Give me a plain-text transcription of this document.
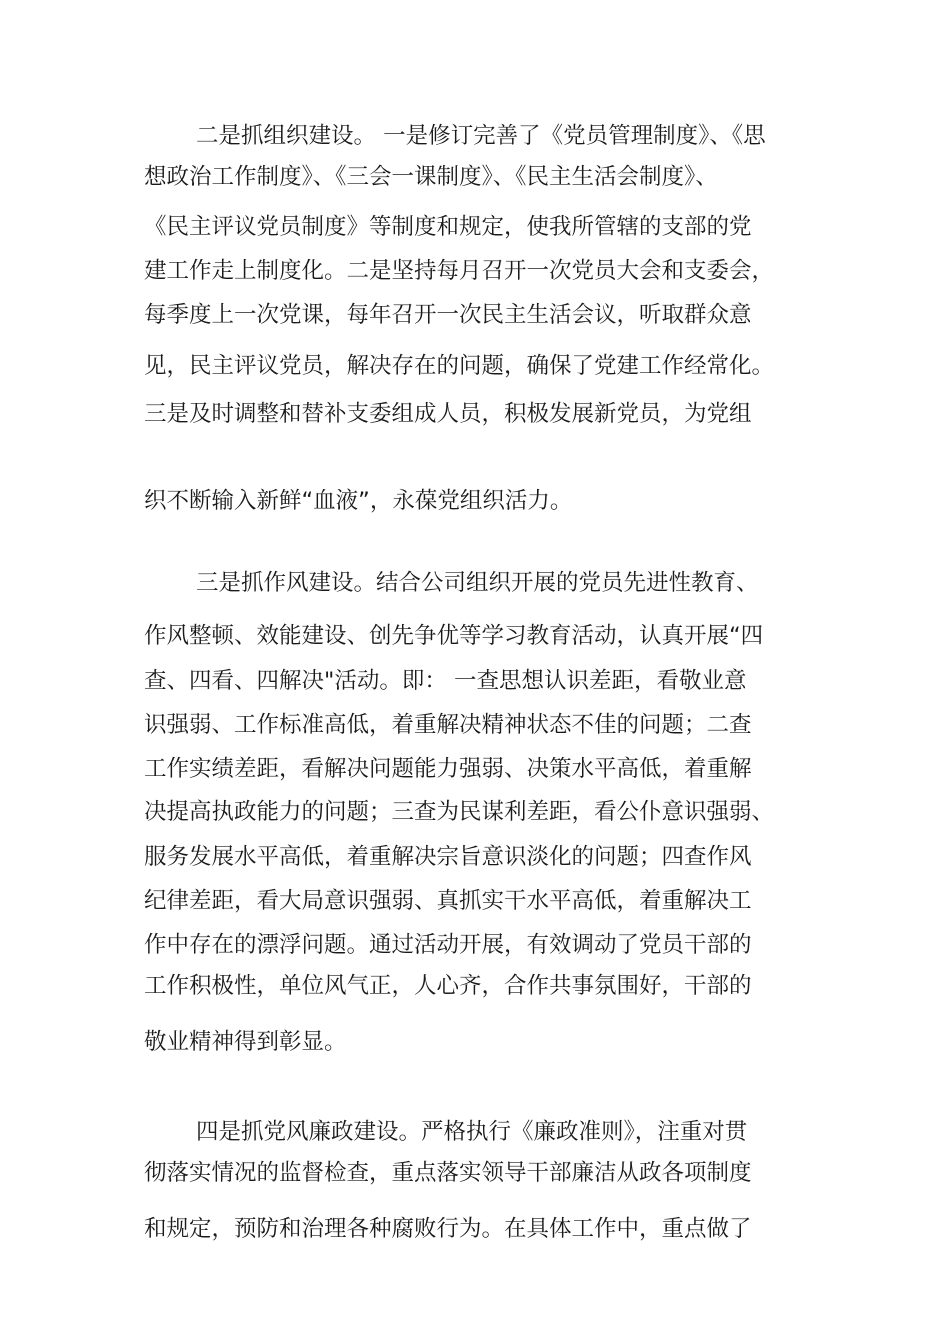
二是抓组织建设。 一是修订完善了《党员管理制度》、《思
想政治工作制度》、《三会一课制度》、《民主生活会制度》、
《民主评议党员制度》等制度和规定，使我所管辖的支部的党
建工作走上制度化。二是坚持每月召开一次党员大会和支委会，
每季度上一次党课，每年召开一次民主生活会议，听取群众意
见，民主评议党员，解决存在的问题，确保了党建工作经常化。
三是及时调整和替补支委组成人员，积极发展新党员，为党组
织不断输入新鲜“血液”，永葆党组织活力。
三是抓作风建设。结合公司组织开展的党员先进性教育、
作风整顿、效能建设、创先争优等学习教育活动，认真开展“四
查、四看、四解决"活动。即： 一查思想认识差距，看敬业意
识强弱、工作标准高低，着重解决精神状态不佳的问题；二查
工作实绩差距，看解决问题能力强弱、决策水平高低，着重解
决提高执政能力的问题；三查为民谋利差距，看公仆意识强弱、
服务发展水平高低，着重解决宗旨意识淡化的问题；四查作风
纪律差距，看大局意识强弱、真抓实干水平高低，着重解决工
作中存在的漂浮问题。通过活动开展，有效调动了党员干部的
工作积极性，单位风气正，人心齐，合作共事氛围好，干部的
敬业精神得到彰显。
四是抓党风廉政建设。严格执行《廉政准则》，注重对贯
彻落实情况的监督检查，重点落实领导干部廉洁从政各项制度
和规定，预防和治理各种腐败行为。在具体工作中，重点做了
